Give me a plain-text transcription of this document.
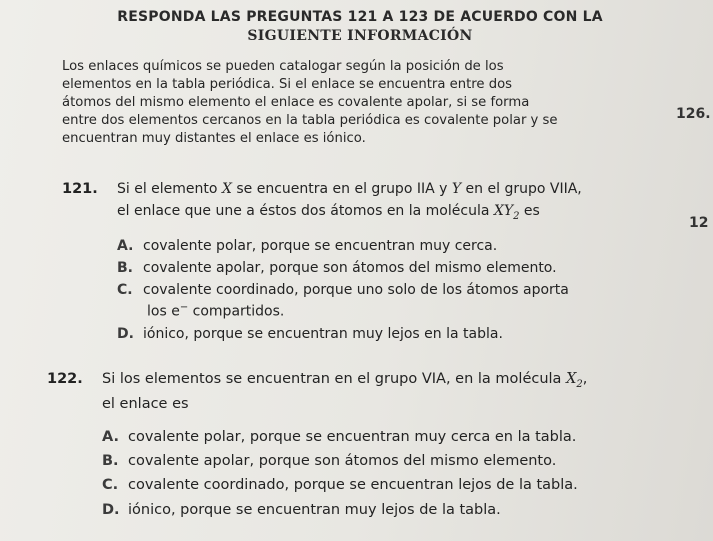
RESPONDA LAS PREGUNTAS 121 A 123 DE ACUERDO CON LA
SIGUIENTE INFORMACIÓN
Los enlaces químicos se pueden catalogar según la posición de los
elementos en la tabla periódica. Si el enlace se encuentra entre dos
átomos del mismo elemento el enlace es covalente apolar, si se forma
entre dos elementos cercanos en la tabla periódica es covalente polar y se
encuentran muy distantes el enlace es iónico.
126.
12
121. Si el elemento X se encuentra en el grupo IIA y Y en el grupo VIIA,
el enlace que une a éstos dos átomos en la molécula $XY_2$ es
A. covalente polar, porque se encuentran muy cerca.
B. covalente apolar, porque son átomos del mismo elemento.
C. covalente coordinado, porque uno solo de los átomos aporta
los e− compartidos.
D. iónico, porque se encuentran muy lejos en la tabla.
122. Si los elementos se encuentran en el grupo VIA, en la molécula $X_2$,
el enlace es
A. covalente polar, porque se encuentran muy cerca en la tabla.
B. covalente apolar, porque son átomos del mismo elemento.
C. covalente coordinado, porque se encuentran lejos de la tabla.
D. iónico, porque se encuentran muy lejos de la tabla.
